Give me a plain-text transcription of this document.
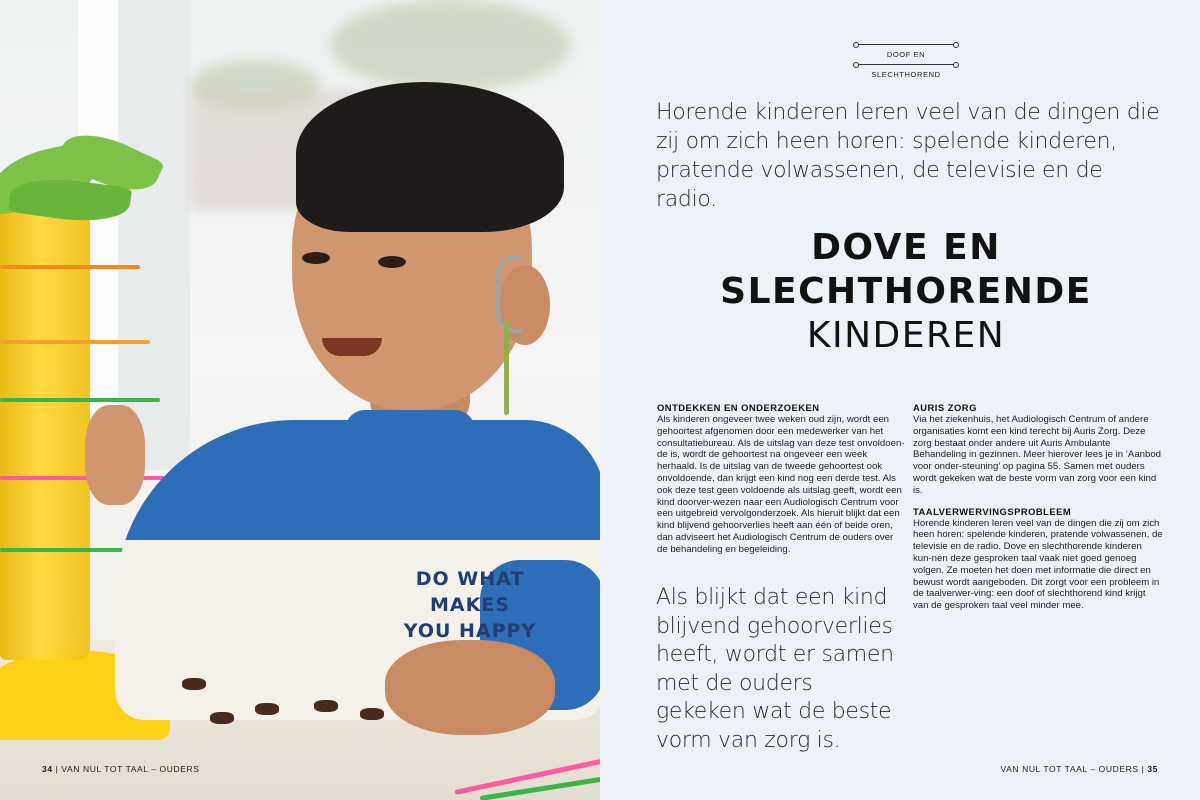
DO WHAT MAKES
YOU HAPPY
34 | VAN NUL TOT TAAL – OUDERS
DOOF EN
SLECHTHOREND

Horende kinderen leren veel van de dingen die zij om zich heen horen: spelende kinderen, pratende volwassenen, de televisie en de radio.

DOVE EN
SLECHTHORENDE
KINDEREN
ONTDEKKEN EN ONDERZOEKEN

Als kinderen ongeveer twee weken oud zijn, wordt een gehoortest afgenomen door een medewerker van het consultatiebureau. Als de uitslag van deze test onvoldoen-de is, wordt de gehoortest na ongeveer een week herhaald. Is de uitslag van de tweede gehoortest ook onvoldoende, dan krijgt een kind nog een derde test. Als ook deze test geen voldoende als uitslag geeft, wordt een kind doorver-wezen naar een Audiologisch Centrum voor een uitgebreid vervolgonderzoek. Als hieruit blijkt dat een kind blijvend gehoorverlies heeft aan één of beide oren, dan adviseert het Audiologisch Centrum de ouders over de behandeling en begeleiding.

Als blijkt dat een kind blijvend gehoorverlies heeft, wordt er samen met de ouders gekeken wat de beste vorm van zorg is.

AURIS ZORG

Via het ziekenhuis, het Audiologisch Centrum of andere organisaties komt een kind terecht bij Auris Zorg. Deze zorg bestaat onder andere uit Auris Ambulante Behandeling in gezinnen. Meer hierover lees je in ‘Aanbod voor onder-steuning’ op pagina 55. Samen met ouders wordt gekeken wat de beste vorm van zorg voor een kind is.

TAALVERWERVINGSPROBLEEM

Horende kinderen leren veel van de dingen die zij om zich heen horen: spelende kinderen, pratende volwassenen, de televisie en de radio. Dove en slechthorende kinderen kun-nen deze gesproken taal vaak niet goed genoeg volgen. Ze moeten het doen met informatie die direct en bewust wordt aangeboden. Dit zorgt voor een probleem in de taalverwer-ving: een doof of slechthorend kind krijgt van de gesproken taal veel minder mee.

VAN NUL TOT TAAL – OUDERS | 35
